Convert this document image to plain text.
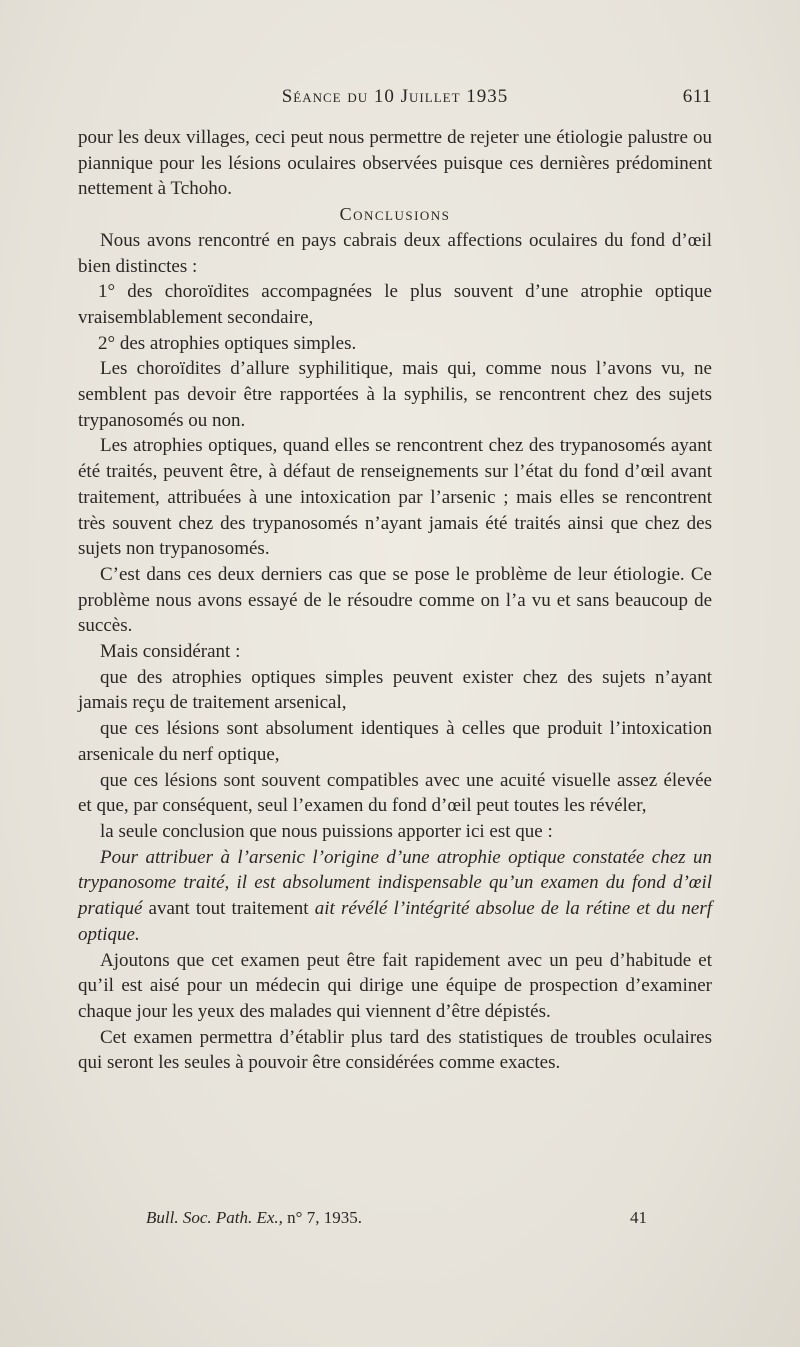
Séance du 10 Juillet 1935	611

pour les deux villages, ceci peut nous permettre de rejeter une étiologie palustre ou piannique pour les lésions oculaires observées puisque ces dernières prédominent nettement à Tchoho.

Conclusions

Nous avons rencontré en pays cabrais deux affections oculaires du fond d’œil bien distinctes :

1° des choroïdites accompagnées le plus souvent d’une atrophie optique vraisemblablement secondaire,

2° des atrophies optiques simples.

Les choroïdites d’allure syphilitique, mais qui, comme nous l’avons vu, ne semblent pas devoir être rapportées à la syphilis, se rencontrent chez des sujets trypanosomés ou non.

Les atrophies optiques, quand elles se rencontrent chez des trypanosomés ayant été traités, peuvent être, à défaut de renseignements sur l’état du fond d’œil avant traitement, attribuées à une intoxication par l’arsenic ; mais elles se rencontrent très souvent chez des trypanosomés n’ayant jamais été traités ainsi que chez des sujets non trypanosomés.

C’est dans ces deux derniers cas que se pose le problème de leur étiologie. Ce problème nous avons essayé de le résoudre comme on l’a vu et sans beaucoup de succès.

Mais considérant :

que des atrophies optiques simples peuvent exister chez des sujets n’ayant jamais reçu de traitement arsenical,

que ces lésions sont absolument identiques à celles que produit l’intoxication arsenicale du nerf optique,

que ces lésions sont souvent compatibles avec une acuité visuelle assez élevée et que, par conséquent, seul l’examen du fond d’œil peut toutes les révéler,

la seule conclusion que nous puissions apporter ici est que :

Pour attribuer à l’arsenic l’origine d’une atrophie optique constatée chez un trypanosome traité, il est absolument indispensable qu’un examen du fond d’œil pratiqué avant tout traitement ait révélé l’intégrité absolue de la rétine et du nerf optique.

Ajoutons que cet examen peut être fait rapidement avec un peu d’habitude et qu’il est aisé pour un médecin qui dirige une équipe de prospection d’examiner chaque jour les yeux des malades qui viennent d’être dépistés.

Cet examen permettra d’établir plus tard des statistiques de troubles oculaires qui seront les seules à pouvoir être considérées comme exactes.

Bull. Soc. Path. Ex., n° 7, 1935.	41
